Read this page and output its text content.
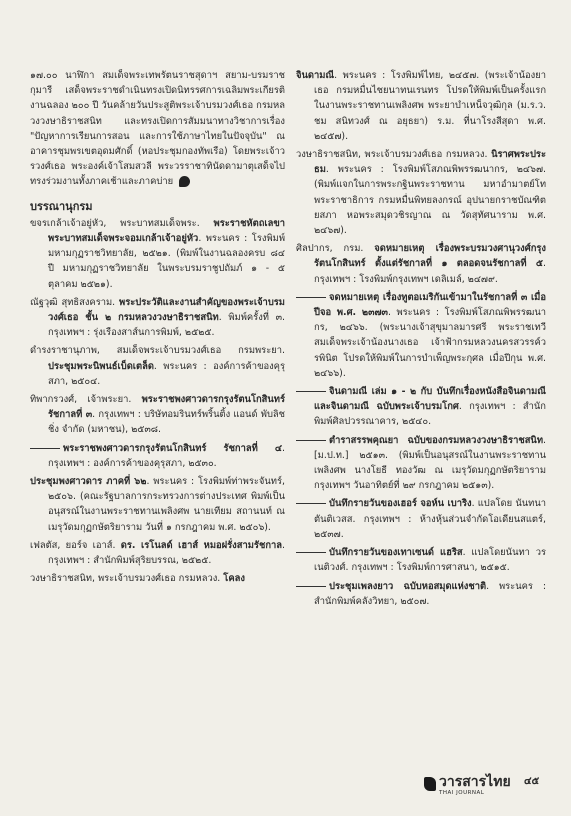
๑๗.๐๐ นาฬิกา สมเด็จพระเทพรัตนราชสุดาฯ สยาม-บรมราชกุมารี เสด็จพระราชดำเนินทรงเปิดนิทรรศการเฉลิมพระเกียรติงานฉลอง ๒๐๐ ปี วันคล้ายวันประสูติพระเจ้าบรมวงศ์เธอ กรมหลวงวงษาธิราชสนิท และทรงเปิดการสัมมนาทางวิชาการเรื่อง "ปัญหาการเรียนการสอน และการใช้ภาษาไทยในปัจจุบัน" ณ อาคารชุมพรเขตอุดมศักดิ์ (หอประชุมกองทัพเรือ) โดยพระเจ้าวรวงศ์เธอ พระองค์เจ้าโสมสวลี พระวรราชาทินัดดามาตุเสด็จไปทรงร่วมงานทั้งภาคเช้าและภาคบ่าย

บรรณานุกรม

ขจรเกล้าเจ้าอยู่หัว, พระบาทสมเด็จพระ. พระราชหัตถเลขาพระบาทสมเด็จพระจอมเกล้าเจ้าอยู่หัว. พระนคร : โรงพิมพ์มหามกุฏราชวิทยาลัย, ๒๕๒๑. (พิมพ์ในงานฉลองครบ ๘๔ ปี มหามกุฏราชวิทยาลัย ในพระบรมราชูปถัมภ์ ๑ - ๕ ตุลาคม ๒๕๒๑).

ณัฐวุฒิ สุทธิสงคราม. พระประวัติและงานสำคัญของพระเจ้าบรมวงศ์เธอ ชั้น ๒ กรมหลวงวงษาธิราชสนิท. พิมพ์ครั้งที่ ๓. กรุงเทพฯ : รุ่งเรืองสาส์นการพิมพ์, ๒๕๒๕.

ดำรงราชานุภาพ, สมเด็จพระเจ้าบรมวงศ์เธอ กรมพระยา. ประชุมพระนิพนธ์เบ็ดเตล็ด. พระนคร : องค์การค้าของคุรุสภา, ๒๕๐๔.

ทิพากรวงศ์, เจ้าพระยา. พระราชพงศาวดารกรุงรัตนโกสินทร์ รัชกาลที่ ๓. กรุงเทพฯ : บริษัทอมรินทร์พริ้นติ้ง แอนด์ พับลิชชิ่ง จำกัด (มหาชน), ๒๕๓๘.

พระราชพงศาวดารกรุงรัตนโกสินทร์ รัชกาลที่ ๔. กรุงเทพฯ : องค์การค้าของคุรุสภา, ๒๕๓๐.

ประชุมพงศาวดาร ภาคที่ ๖๒. พระนคร : โรงพิมพ์ท่าพระจันทร์, ๒๕๐๖. (คณะรัฐบาลการกระทรวงการต่างประเทศ พิมพ์เป็นอนุสรณ์ในงานพระราชทานเพลิงศพ นายเทียม สถานนท์ ณ เมรุวัดมกุฏกษัตริยาราม วันที่ ๑ กรกฎาคม พ.ศ. ๒๕๐๖).

เฟลตัส, ยอร์จ เอาส์. ดร. เรโนลด์ เฮาส์ หมอฝรั่งสามรัชกาล. กรุงเทพฯ : สำนักพิมพ์สุริยบรรณ, ๒๕๒๕.

วงษาธิราชสนิท, พระเจ้าบรมวงศ์เธอ กรมหลวง. โคลง

จินดามณี. พระนคร : โรงพิมพ์ไทย, ๒๔๕๗. (พระเจ้าน้องยาเธอ กรมหมื่นไชยนาทนเรนทร โปรดให้พิมพ์เป็นครั้งแรกในงานพระราชทานเพลิงศพ พระยาบำเหน็จวุฒิกุล (ม.ร.ว. ชม สนิทวงศ์ ณ อยุธยา) ร.ม. ที่นาโรงสีสุดา พ.ศ. ๒๔๕๗).

วงษาธิราชสนิท, พระเจ้าบรมวงศ์เธอ กรมหลวง. นิราศพระประธม. พระนคร : โรงพิมพ์โสภณพิพรรฒนากร, ๒๔๖๗. (พิมพ์แจกในการพระกฐินพระราชทาน มหาอำมาตย์โท พระราชาธิการ กรมหมื่นพิทยลงกรณ์ อุปนายกราชบัณฑิตยสภา หอพระสมุดวชิรญาณ ณ วัดสุทัศนาราม พ.ศ. ๒๔๖๗).

ศิลปากร, กรม. จดหมายเหตุ เรื่องพระบรมวงศานุวงศ์กรุงรัตนโกสินทร์ ตั้งแต่รัชกาลที่ ๑ ตลอดจนรัชกาลที่ ๕. กรุงเทพฯ : โรงพิมพ์กรุงเทพฯ เดลิเมล์, ๒๔๗๙.

จดหมายเหตุ เรื่องทูตอเมริกันเข้ามาในรัชกาลที่ ๓ เมื่อปีจอ พ.ศ. ๒๓๗๓. พระนคร : โรงพิมพ์โสภณพิพรรฒนากร, ๒๔๖๖. (พระนางเจ้าสุขุมาลมารศรี พระราชเทวี สมเด็จพระเจ้าน้องนางเธอ เจ้าฟ้ากรมหลวงนครสวรรค์วรพินิต โปรดให้พิมพ์ในการบำเพ็ญพระกุศล เมื่อปีกุน พ.ศ. ๒๔๖๖).

จินดามณี เล่ม ๑ - ๒ กับ บันทึกเรื่องหนังสือจินดามณี และจินดามณี ฉบับพระเจ้าบรมโกศ. กรุงเทพฯ : สำนักพิมพ์ศิลปวรรณาคาร, ๒๕๔๐.

ตำราสรรพคุณยา ฉบับของกรมหลวงวงษาธิราชสนิท. [ม.ป.ท.] ๒๕๑๓. (พิมพ์เป็นอนุสรณ์ในงานพระราชทานเพลิงศพ นางโยธี ทองวัฒ ณ เมรุวัดมกุฏกษัตริยาราม กรุงเทพฯ วันอาทิตย์ที่ ๒๙ กรกฎาคม ๒๕๑๓).

บันทึกรายวันของเฮอร์ จอห์น เบาริง. แปลโดย นันทนา ตันติเวสส. กรุงเทพฯ : ห้างหุ้นส่วนจำกัดโอเดียนสแตร์, ๒๕๓๗.

บันทึกรายวันของเทาเซนด์ แฮริส. แปลโดยนันทา วรเนติวงศ์. กรุงเทพฯ : โรงพิมพ์การศาสนา, ๒๕๑๕.

ประชุมเพลงยาว ฉบับหอสมุดแห่งชาติ. พระนคร : สำนักพิมพ์คลังวิทยา, ๒๕๐๗.

วารสารไทย
THAI JOURNAL
๔๕
